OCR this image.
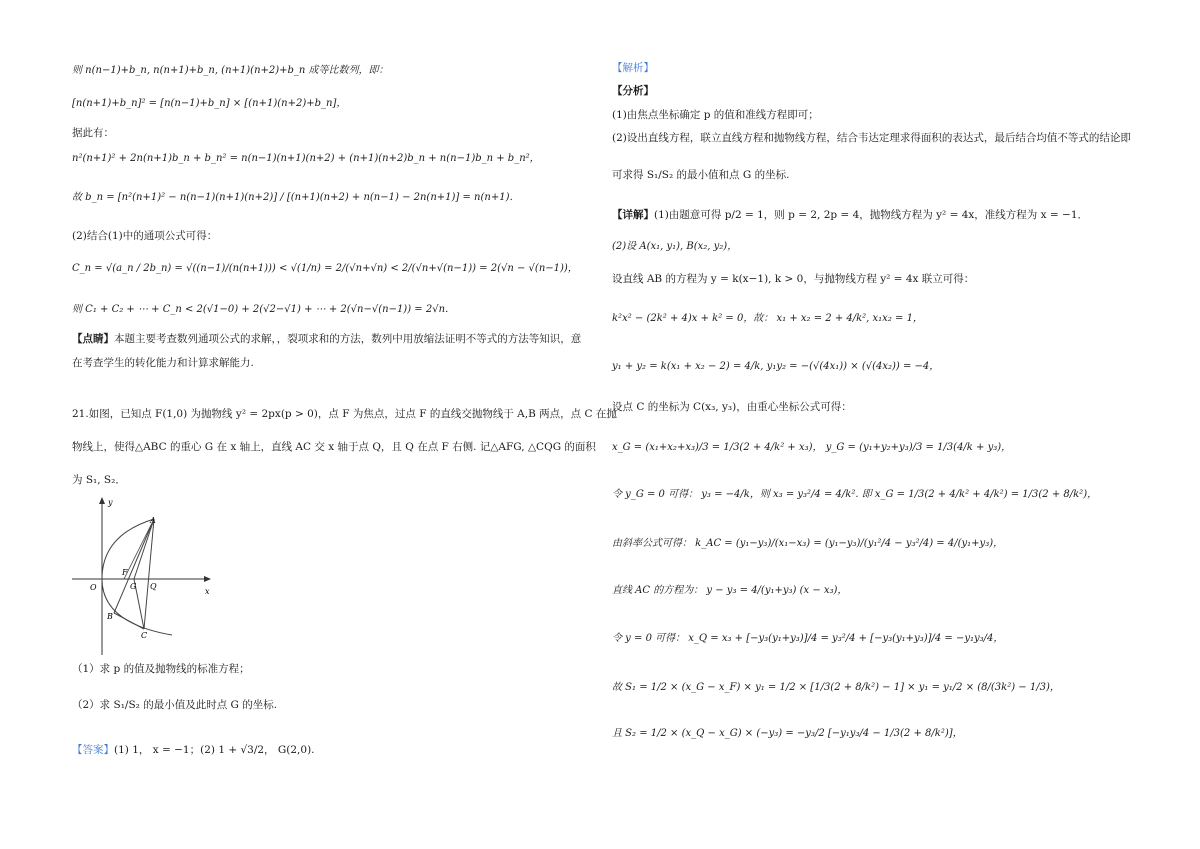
则 n(n−1)+b_n, n(n+1)+b_n, (n+1)(n+2)+b_n 成等比数列，即：
[n(n+1)+b_n]² = [n(n−1)+b_n] × [(n+1)(n+2)+b_n]，
据此有：
n²(n+1)² + 2n(n+1)b_n + b_n² = n(n−1)(n+1)(n+2) + (n+1)(n+2)b_n + n(n−1)b_n + b_n²，
故 b_n = [n²(n+1)² − n(n−1)(n+1)(n+2)] / [(n+1)(n+2) + n(n−1) − 2n(n+1)] = n(n+1)．
(2)结合(1)中的通项公式可得：
C_n = √(a_n / 2b_n) = √((n−1)/(n(n+1))) < √(1/n) = 2/(√n+√n) < 2/(√n+√(n−1)) = 2(√n − √(n−1))，
则 C₁ + C₂ + ⋯ + C_n < 2(√1−0) + 2(√2−√1) + ⋯ + 2(√n−√(n−1)) = 2√n．
【点睛】本题主要考查数列通项公式的求解，，裂项求和的方法，数列中用放缩法证明不等式的方法等知识，意
在考查学生的转化能力和计算求解能力.
21.如图，已知点 F(1,0) 为抛物线 y² = 2px(p > 0)，点 F 为焦点，过点 F 的直线交抛物线于 A,B 两点，点 C 在抛
物线上，使得△ABC 的重心 G 在 x 轴上，直线 AC 交 x 轴于点 Q，且 Q 在点 F 右侧. 记△AFG, △CQG 的面积
为 S₁, S₂．
y
x
O
A
B
C
F
G Q
（1）求 p 的值及抛物线的标准方程；
（2）求 S₁/S₂ 的最小值及此时点 G 的坐标.
【答案】(1) 1， x = −1；(2) 1 + √3/2， G(2,0).
【解析】
【分析】
(1)由焦点坐标确定 p 的值和准线方程即可；
(2)设出直线方程，联立直线方程和抛物线方程，结合韦达定理求得面积的表达式，最后结合均值不等式的结论即
可求得 S₁/S₂ 的最小值和点 G 的坐标.
【详解】(1)由题意可得 p/2 = 1，则 p = 2, 2p = 4，抛物线方程为 y² = 4x，准线方程为 x = −1．
(2)设 A(x₁, y₁), B(x₂, y₂)，
设直线 AB 的方程为 y = k(x−1), k > 0，与抛物线方程 y² = 4x 联立可得：
k²x² − (2k² + 4)x + k² = 0，故： x₁ + x₂ = 2 + 4/k², x₁x₂ = 1，
y₁ + y₂ = k(x₁ + x₂ − 2) = 4/k, y₁y₂ = −(√(4x₁)) × (√(4x₂)) = −4，
设点 C 的坐标为 C(x₃, y₃)，由重心坐标公式可得：
x_G = (x₁+x₂+x₃)/3 = 1/3(2 + 4/k² + x₃)， y_G = (y₁+y₂+y₃)/3 = 1/3(4/k + y₃)，
令 y_G = 0 可得： y₃ = −4/k，则 x₃ = y₃²/4 = 4/k². 即 x_G = 1/3(2 + 4/k² + 4/k²) = 1/3(2 + 8/k²)，
由斜率公式可得： k_AC = (y₁−y₃)/(x₁−x₃) = (y₁−y₃)/(y₁²/4 − y₃²/4) = 4/(y₁+y₃)，
直线 AC 的方程为： y − y₃ = 4/(y₁+y₃) (x − x₃)，
令 y = 0 可得： x_Q = x₃ + [−y₃(y₁+y₃)]/4 = y₃²/4 + [−y₃(y₁+y₃)]/4 = −y₁y₃/4，
故 S₁ = 1/2 × (x_G − x_F) × y₁ = 1/2 × [1/3(2 + 8/k²) − 1] × y₁ = y₁/2 × (8/(3k²) − 1/3)，
且 S₂ = 1/2 × (x_Q − x_G) × (−y₃) = −y₃/2 [−y₁y₃/4 − 1/3(2 + 8/k²)]，
